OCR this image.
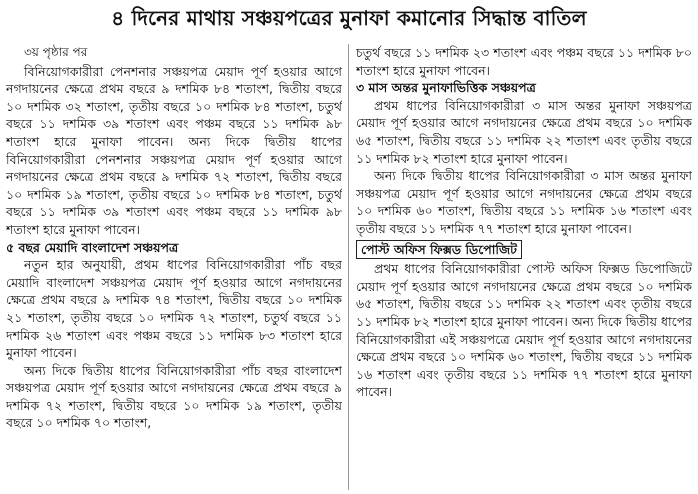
৪ দিনের মাথায় সঞ্চয়পত্রের মুনাফা কমানোর সিদ্ধান্ত বাতিল
৩য় পৃষ্ঠার পর

বিনিয়োগকারীরা পেনশনার সঞ্চয়পত্র মেয়াদ পূর্ণ হওয়ার আগে নগদায়নের ক্ষেত্রে প্রথম বছরে ৯ দশমিক ৮৪ শতাংশ, দ্বিতীয় বছরে ১০ দশমিক ৩২ শতাংশ, তৃতীয় বছরে ১০ দশমিক ৮৪ শতাংশ, চতুর্থ বছরে ১১ দশমিক ৩৯ শতাংশ এবং পঞ্চম বছরে ১১ দশমিক ৯৮ শতাংশ হারে মুনাফা পাবেন। অন্য দিকে দ্বিতীয় ধাপের বিনিয়োগকারীরা পেনশনার সঞ্চয়পত্র মেয়াদ পূর্ণ হওয়ার আগে নগদায়নের ক্ষেত্রে প্রথম বছরে ৯ দশমিক ৭২ শতাংশ, দ্বিতীয় বছরে ১০ দশমিক ১৯ শতাংশ, তৃতীয় বছরে ১০ দশমিক ৮৪ শতাংশ, চতুর্থ বছরে ১১ দশমিক ৩৯ শতাংশ এবং পঞ্চম বছরে ১১ দশমিক ৯৮ শতাংশ হারে মুনাফা পাবেন।

৫ বছর মেয়াদি বাংলাদেশ সঞ্চয়পত্র

নতুন হার অনুযায়ী, প্রথম ধাপের বিনিয়োগকারীরা পাঁচ বছর মেয়াদি বাংলাদেশ সঞ্চয়পত্র মেয়াদ পূর্ণ হওয়ার আগে নগদায়নের ক্ষেত্রে প্রথম বছরে ৯ দশমিক ৭৪ শতাংশ, দ্বিতীয় বছরে ১০ দশমিক ২১ শতাংশ, তৃতীয় বছরে ১০ দশমিক ৭২ শতাংশ, চতুর্থ বছরে ১১ দশমিক ২৬ শতাংশ এবং পঞ্চম বছরে ১১ দশমিক ৮৩ শতাংশ হারে মুনাফা পাবেন।

অন্য দিকে দ্বিতীয় ধাপের বিনিয়োগকারীরা পাঁচ বছর বাংলাদেশ সঞ্চয়পত্র মেয়াদ পূর্ণ হওয়ার আগে নগদায়নের ক্ষেত্রে প্রথম বছরে ৯ দশমিক ৭২ শতাংশ, দ্বিতীয় বছরে ১০ দশমিক ১৯ শতাংশ, তৃতীয় বছরে ১০ দশমিক ৭০ শতাংশ,

চতুর্থ বছরে ১১ দশমিক ২৩ শতাংশ এবং পঞ্চম বছরে ১১ দশমিক ৮০ শতাংশ হারে মুনাফা পাবেন।

৩ মাস অন্তর মুনাফাভিত্তিক সঞ্চয়পত্র

প্রথম ধাপের বিনিয়োগকারীরা ৩ মাস অন্তর মুনাফা সঞ্চয়পত্র মেয়াদ পূর্ণ হওয়ার আগে নগদায়নের ক্ষেত্রে প্রথম বছরে ১০ দশমিক ৬৫ শতাংশ, দ্বিতীয় বছরে ১১ দশমিক ২২ শতাংশ এবং তৃতীয় বছরে ১১ দশমিক ৮২ শতাংশ হারে মুনাফা পাবেন।

অন্য দিকে দ্বিতীয় ধাপের বিনিয়োগকারীরা ৩ মাস অন্তর মুনাফা সঞ্চয়পত্র মেয়াদ পূর্ণ হওয়ার আগে নগদায়নের ক্ষেত্রে প্রথম বছরে ১০ দশমিক ৬০ শতাংশ, দ্বিতীয় বছরে ১১ দশমিক ১৬ শতাংশ এবং তৃতীয় বছরে ১১ দশমিক ৭৭ শতাংশ হারে মুনাফা পাবেন।

পোস্ট অফিস ফিক্সড ডিপোজিট

প্রথম ধাপের বিনিয়োগকারীরা পোস্ট অফিস ফিক্সড ডিপোজিটে মেয়াদ পূর্ণ হওয়ার আগে নগদায়নের ক্ষেত্রে প্রথম বছরে ১০ দশমিক ৬৫ শতাংশ, দ্বিতীয় বছরে ১১ দশমিক ২২ শতাংশ এবং তৃতীয় বছরে ১১ দশমিক ৮২ শতাংশ হারে মুনাফা পাবেন। অন্য দিকে দ্বিতীয় ধাপের বিনিয়োগকারীরা এই সঞ্চয়পত্রে মেয়াদ পূর্ণ হওয়ার আগে নগদায়নের ক্ষেত্রে প্রথম বছরে ১০ দশমিক ৬০ শতাংশ, দ্বিতীয় বছরে ১১ দশমিক ১৬ শতাংশ এবং তৃতীয় বছরে ১১ দশমিক ৭৭ শতাংশ হারে মুনাফা পাবেন।
